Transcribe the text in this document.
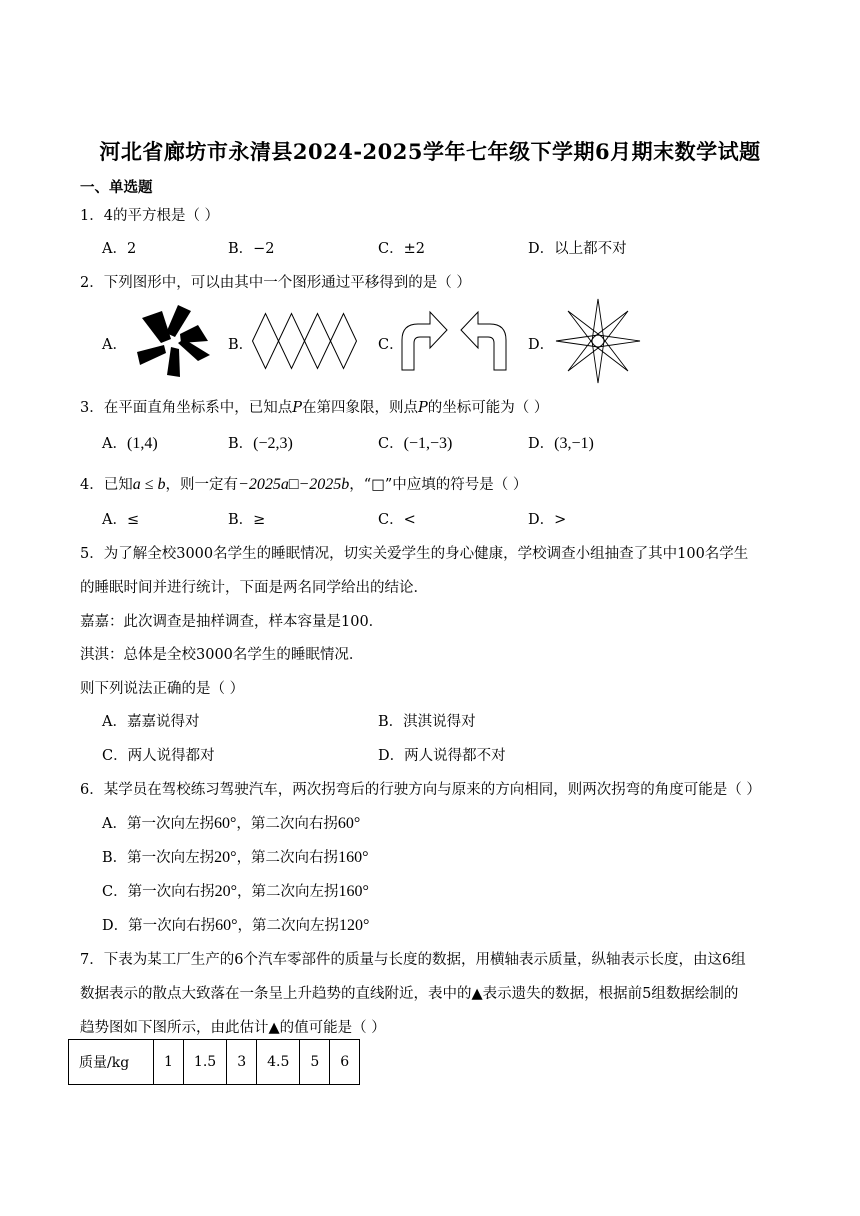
河北省廊坊市永清县2024-2025学年七年级下学期6月期末数学试题
一、单选题
1．4的平方根是（ ）
A．2	B．−2	C．±2	D．以上都不对
2．下列图形中，可以由其中一个图形通过平移得到的是（ ）
A．	B．	C．	D．
3．在平面直角坐标系中，已知点P在第四象限，则点P的坐标可能为（ ）
A．(1,4)	B．(−2,3)	C．(−1,−3)	D．(3,−1)
4．已知a ≤ b，则一定有−2025a□−2025b，“□”中应填的符号是（ ）
A．≤	B．≥	C．<	D．>
5．为了解全校3000名学生的睡眠情况，切实关爱学生的身心健康，学校调查小组抽查了其中100名学生
的睡眠时间并进行统计，下面是两名同学给出的结论．
嘉嘉：此次调查是抽样调查，样本容量是100．
淇淇：总体是全校3000名学生的睡眠情况．
则下列说法正确的是（ ）
A．嘉嘉说得对	B．淇淇说得对
C．两人说得都对	D．两人说得都不对
6．某学员在驾校练习驾驶汽车，两次拐弯后的行驶方向与原来的方向相同，则两次拐弯的角度可能是（ ）
A．第一次向左拐60°，第二次向右拐60°
B．第一次向左拐20°，第二次向右拐160°
C．第一次向右拐20°，第二次向左拐160°
D．第一次向右拐60°，第二次向左拐120°
7．下表为某工厂生产的6个汽车零部件的质量与长度的数据，用横轴表示质量，纵轴表示长度，由这6组
数据表示的散点大致落在一条呈上升趋势的直线附近，表中的▲表示遗失的数据，根据前5组数据绘制的
趋势图如下图所示，由此估计▲的值可能是（ ）
质量/kg	1	1.5	3	4.5	5	6
